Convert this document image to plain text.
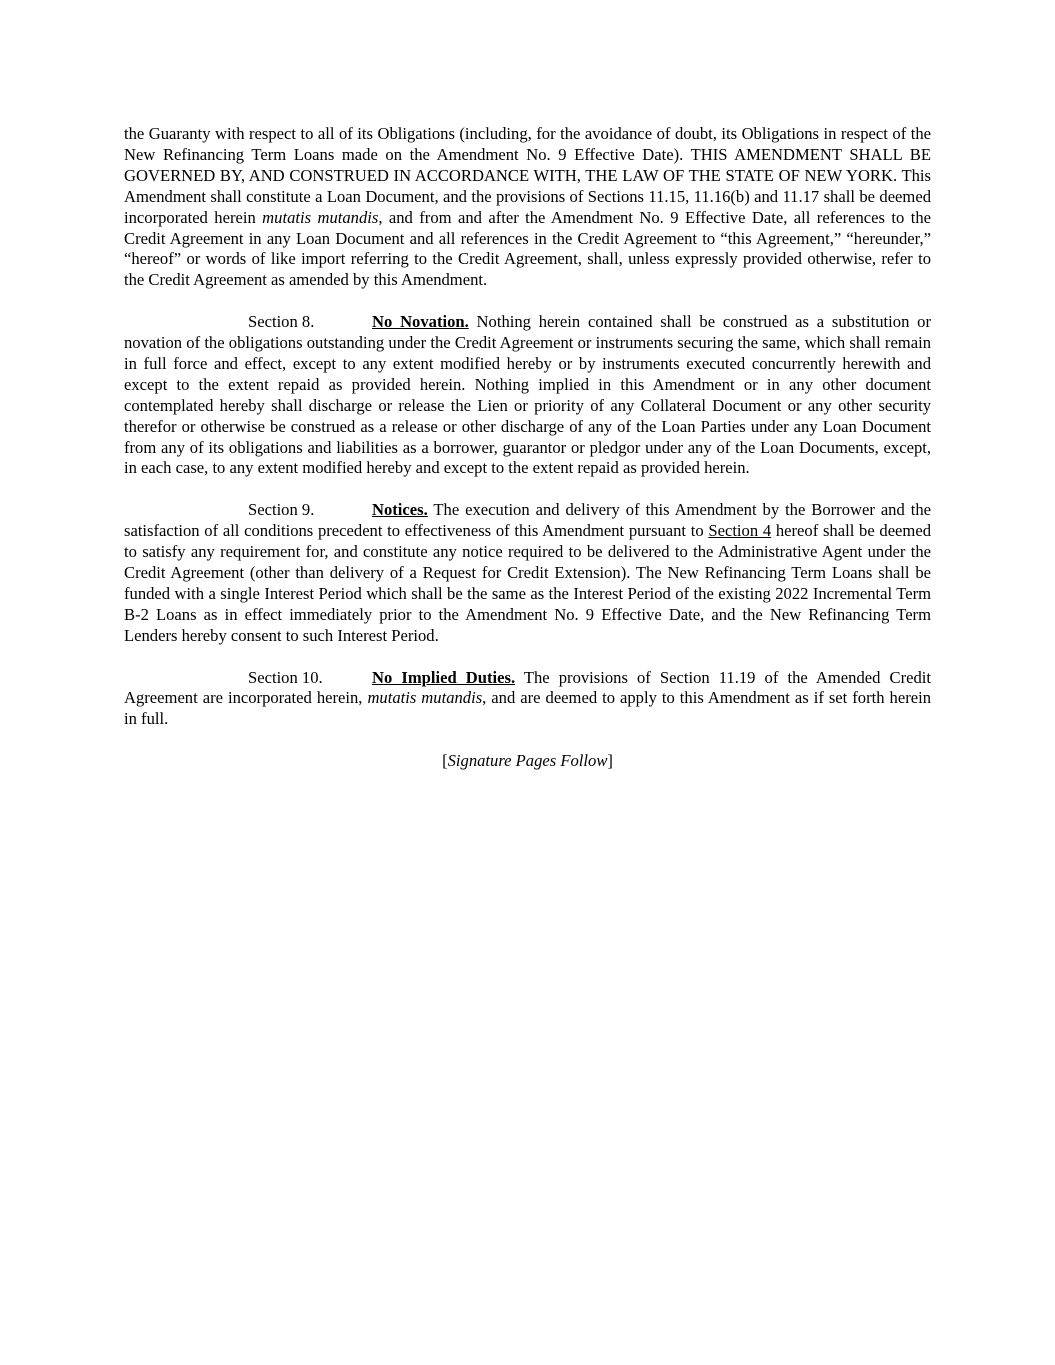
the Guaranty with respect to all of its Obligations (including, for the avoidance of doubt, its Obligations in respect of the New Refinancing Term Loans made on the Amendment No. 9 Effective Date). THIS AMENDMENT SHALL BE GOVERNED BY, AND CONSTRUED IN ACCORDANCE WITH, THE LAW OF THE STATE OF NEW YORK. This Amendment shall constitute a Loan Document, and the provisions of Sections 11.15, 11.16(b) and 11.17 shall be deemed incorporated herein mutatis mutandis, and from and after the Amendment No. 9 Effective Date, all references to the Credit Agreement in any Loan Document and all references in the Credit Agreement to “this Agreement,” “hereunder,” “hereof” or words of like import referring to the Credit Agreement, shall, unless expressly provided otherwise, refer to the Credit Agreement as amended by this Amendment.

Section 8.	No Novation. Nothing herein contained shall be construed as a substitution or novation of the obligations outstanding under the Credit Agreement or instruments securing the same, which shall remain in full force and effect, except to any extent modified hereby or by instruments executed concurrently herewith and except to the extent repaid as provided herein. Nothing implied in this Amendment or in any other document contemplated hereby shall discharge or release the Lien or priority of any Collateral Document or any other security therefor or otherwise be construed as a release or other discharge of any of the Loan Parties under any Loan Document from any of its obligations and liabilities as a borrower, guarantor or pledgor under any of the Loan Documents, except, in each case, to any extent modified hereby and except to the extent repaid as provided herein.

Section 9.	Notices. The execution and delivery of this Amendment by the Borrower and the satisfaction of all conditions precedent to effectiveness of this Amendment pursuant to Section 4 hereof shall be deemed to satisfy any requirement for, and constitute any notice required to be delivered to the Administrative Agent under the Credit Agreement (other than delivery of a Request for Credit Extension). The New Refinancing Term Loans shall be funded with a single Interest Period which shall be the same as the Interest Period of the existing 2022 Incremental Term B-2 Loans as in effect immediately prior to the Amendment No. 9 Effective Date, and the New Refinancing Term Lenders hereby consent to such Interest Period.

Section 10.	No Implied Duties. The provisions of Section 11.19 of the Amended Credit Agreement are incorporated herein, mutatis mutandis, and are deemed to apply to this Amendment as if set forth herein in full.

[Signature Pages Follow]
